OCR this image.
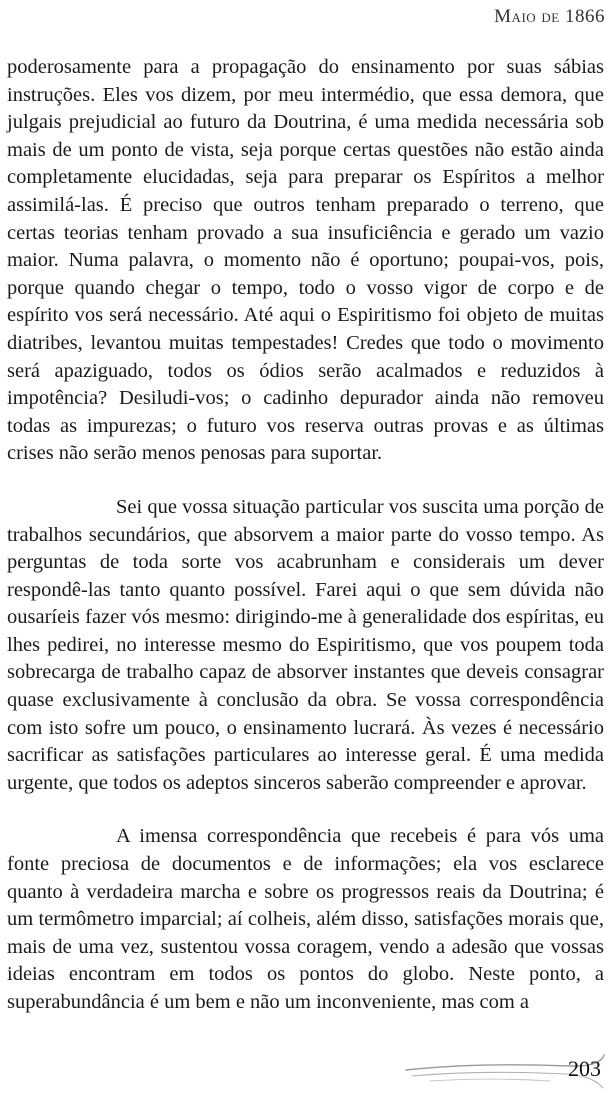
Maio de 1866

poderosamente para a propagação do ensinamento por suas sábias instruções. Eles vos dizem, por meu intermédio, que essa demora, que julgais prejudicial ao futuro da Doutrina, é uma medida necessária sob mais de um ponto de vista, seja porque certas questões não estão ainda completamente elucidadas, seja para preparar os Espíritos a melhor assimilá-las. É preciso que outros tenham preparado o terreno, que certas teorias tenham provado a sua insuficiência e gerado um vazio maior. Numa palavra, o momento não é oportuno; poupai-vos, pois, porque quando chegar o tempo, todo o vosso vigor de corpo e de espírito vos será necessário. Até aqui o Espiritismo foi objeto de muitas diatribes, levantou muitas tempestades! Credes que todo o movimento será apaziguado, todos os ódios serão acalmados e reduzidos à impotência? Desiludi-vos; o cadinho depurador ainda não removeu todas as impurezas; o futuro vos reserva outras provas e as últimas crises não serão menos penosas para suportar.

Sei que vossa situação particular vos suscita uma porção de trabalhos secundários, que absorvem a maior parte do vosso tempo. As perguntas de toda sorte vos acabrunham e considerais um dever respondê-las tanto quanto possível. Farei aqui o que sem dúvida não ousaríeis fazer vós mesmo: dirigindo-me à generalidade dos espíritas, eu lhes pedirei, no interesse mesmo do Espiritismo, que vos poupem toda sobrecarga de trabalho capaz de absorver instantes que deveis consagrar quase exclusivamente à conclusão da obra. Se vossa correspondência com isto sofre um pouco, o ensinamento lucrará. Às vezes é necessário sacrificar as satisfações particulares ao interesse geral. É uma medida urgente, que todos os adeptos sinceros saberão compreender e aprovar.

A imensa correspondência que recebeis é para vós uma fonte preciosa de documentos e de informações; ela vos esclarece quanto à verdadeira marcha e sobre os progressos reais da Doutrina; é um termômetro imparcial; aí colheis, além disso, satisfações morais que, mais de uma vez, sustentou vossa coragem, vendo a adesão que vossas ideias encontram em todos os pontos do globo. Neste ponto, a superabundância é um bem e não um inconveniente, mas com a

203
